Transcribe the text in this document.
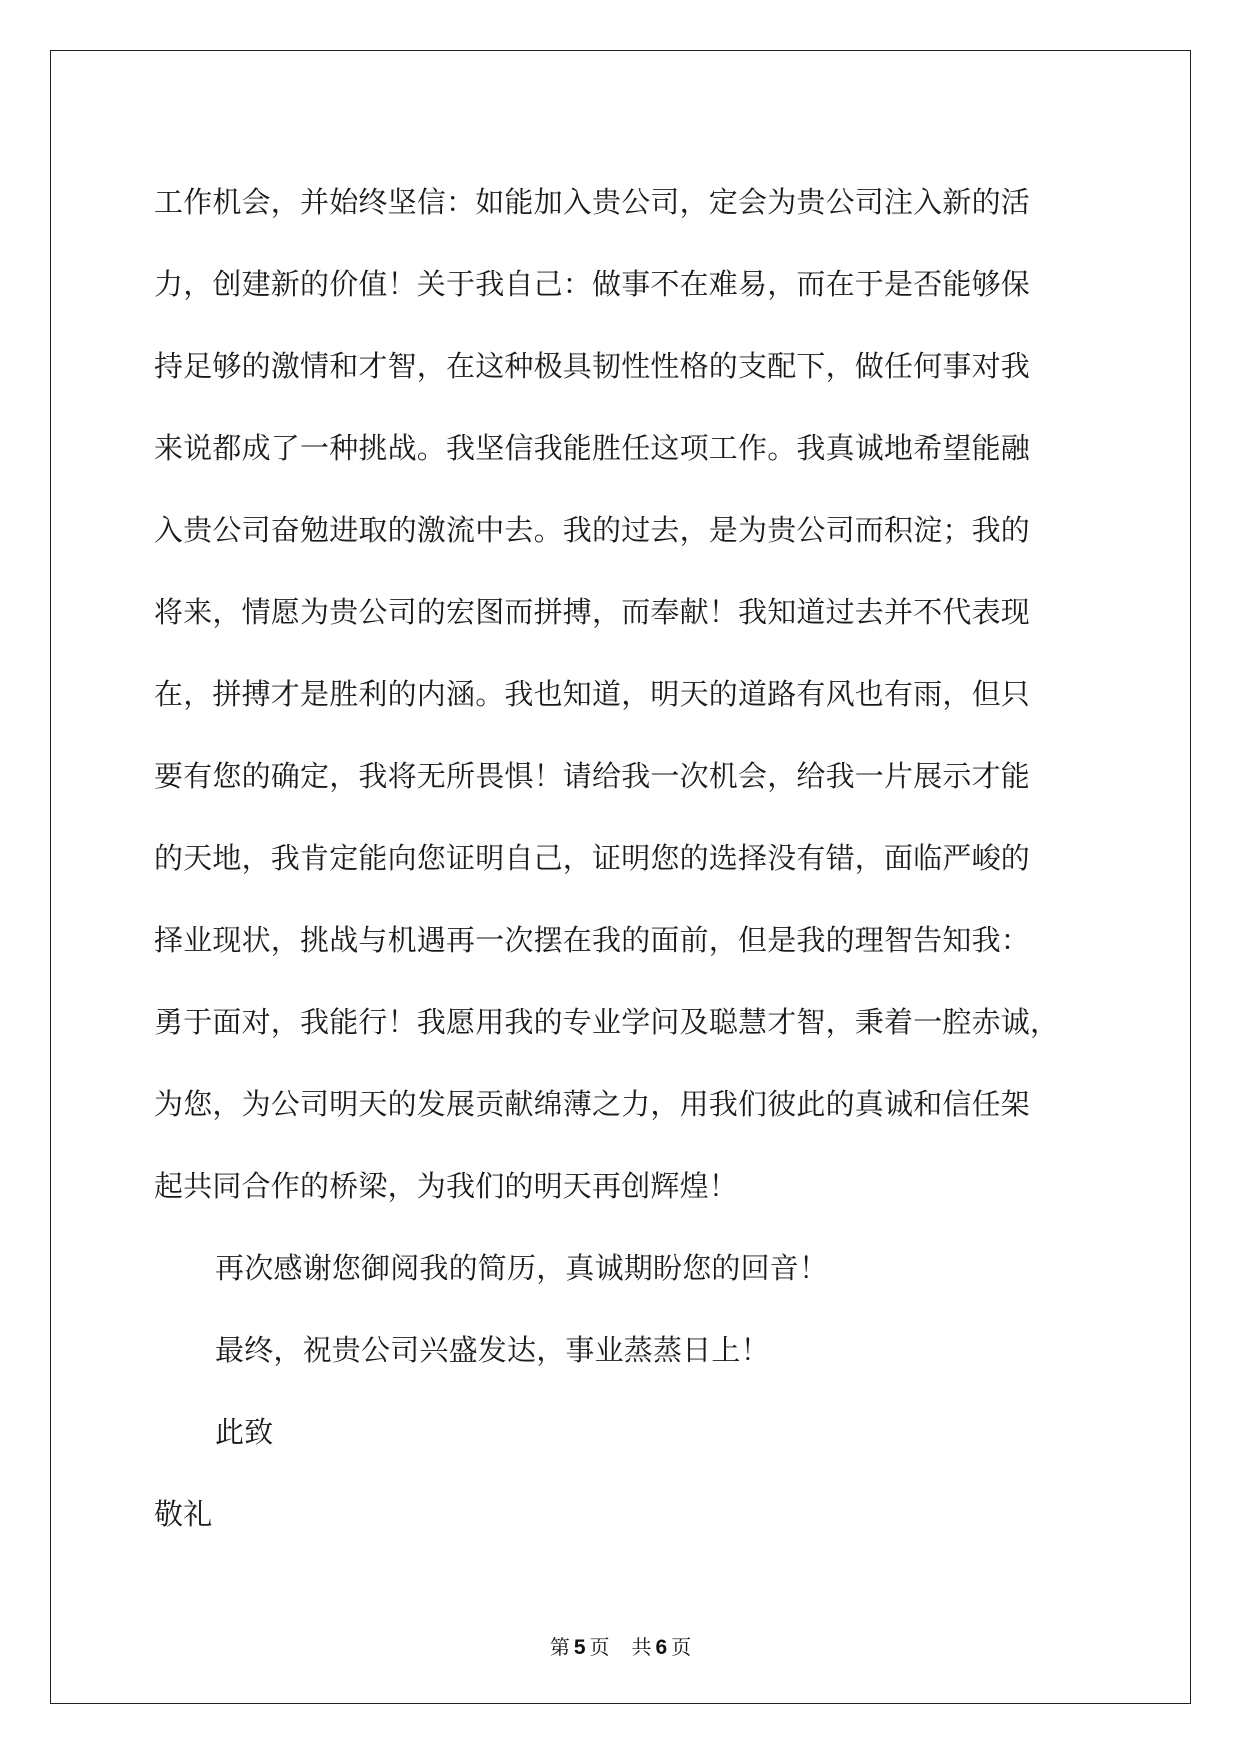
工作机会，并始终坚信：如能加入贵公司，定会为贵公司注入新的活
力，创建新的价值！关于我自己：做事不在难易，而在于是否能够保
持足够的激情和才智，在这种极具韧性性格的支配下，做任何事对我
来说都成了一种挑战。我坚信我能胜任这项工作。我真诚地希望能融
入贵公司奋勉进取的激流中去。我的过去，是为贵公司而积淀；我的
将来，情愿为贵公司的宏图而拼搏，而奉献！我知道过去并不代表现
在，拼搏才是胜利的内涵。我也知道，明天的道路有风也有雨，但只
要有您的确定，我将无所畏惧！请给我一次机会，给我一片展示才能
的天地，我肯定能向您证明自己，证明您的选择没有错，面临严峻的
择业现状，挑战与机遇再一次摆在我的面前，但是我的理智告知我：
勇于面对，我能行！我愿用我的专业学问及聪慧才智，秉着一腔赤诚，
为您，为公司明天的发展贡献绵薄之力，用我们彼此的真诚和信任架
起共同合作的桥梁，为我们的明天再创辉煌！
再次感谢您御阅我的简历，真诚期盼您的回音！
最终，祝贵公司兴盛发达，事业蒸蒸日上！
此致
敬礼
第 5 页 共 6 页
